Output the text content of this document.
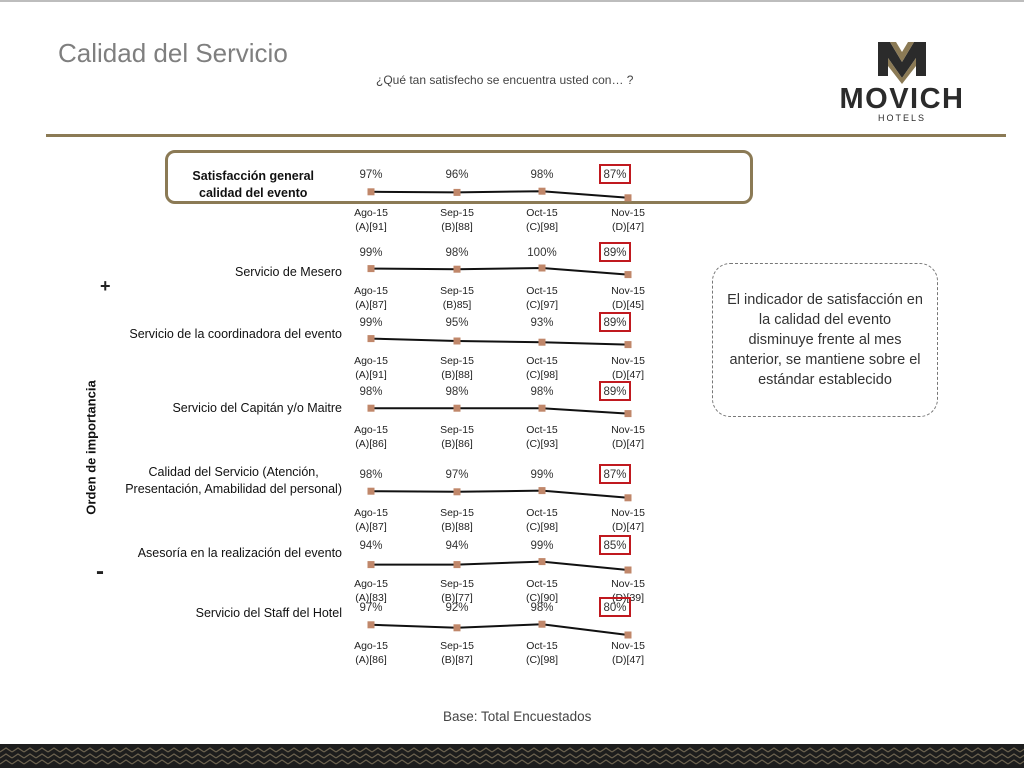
Calidad del Servicio
¿Qué tan satisfecho se encuentra usted con… ?
MOVICH
HOTELS
Satisfacción general
calidad del evento
Servicio de Mesero
Servicio de la coordinadora del evento
Servicio del Capitán y/o Maitre
Calidad del Servicio (Atención,
Presentación, Amabilidad del personal)
Asesoría en la realización del evento
Servicio del Staff del Hotel
+
-
Orden de importancia
97%
Ago-15
(A)[91]
96%
Sep-15
(B)[88]
98%
Oct-15
(C)[98]
87%
Nov-15
(D)[47]
99%
Ago-15
(A)[87]
98%
Sep-15
(B)85]
100%
Oct-15
(C)[97]
89%
Nov-15
(D)[45]
99%
Ago-15
(A)[91]
95%
Sep-15
(B)[88]
93%
Oct-15
(C)[98]
89%
Nov-15
(D)[47]
98%
Ago-15
(A)[86]
98%
Sep-15
(B)[86]
98%
Oct-15
(C)[93]
89%
Nov-15
(D)[47]
98%
Ago-15
(A)[87]
97%
Sep-15
(B)[88]
99%
Oct-15
(C)[98]
87%
Nov-15
(D)[47]
94%
Ago-15
(A)[83]
94%
Sep-15
(B)[77]
99%
Oct-15
(C)[90]
85%
Nov-15
(D)[39]
97%
Ago-15
(A)[86]
92%
Sep-15
(B)[87]
98%
Oct-15
(C)[98]
80%
Nov-15
(D)[47]
El indicador de satisfacción en la calidad del evento disminuye frente al mes anterior, se mantiene sobre el estándar establecido
Base: Total Encuestados
